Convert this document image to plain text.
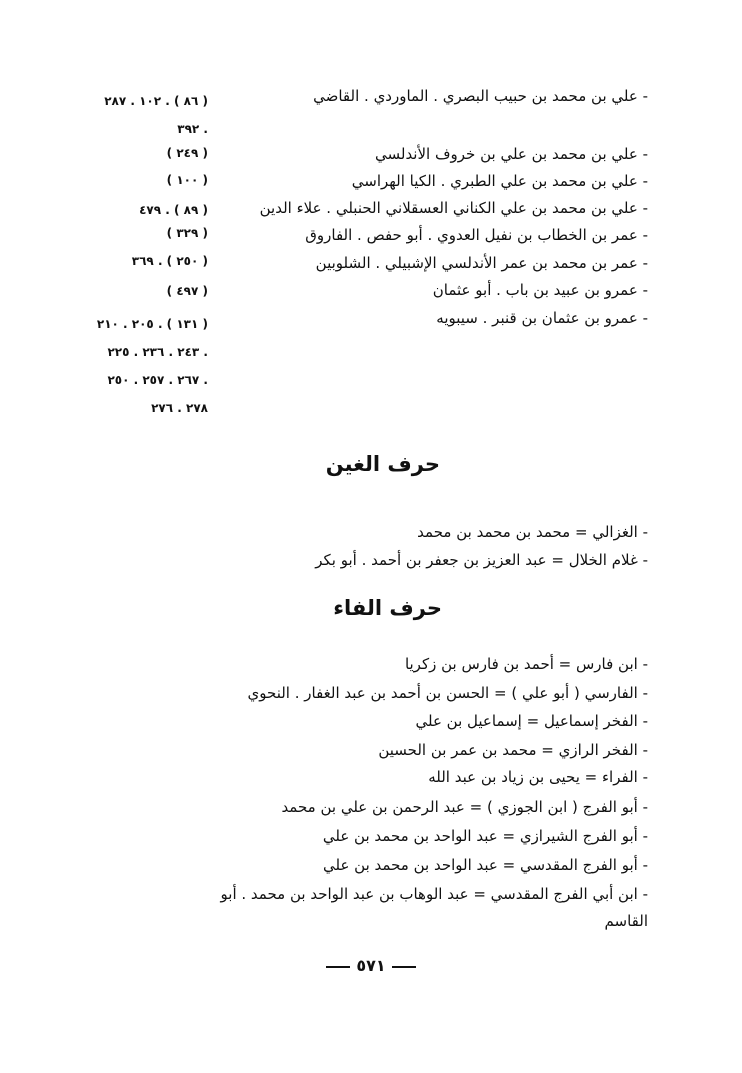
- علي بن محمد بن حبيب البصري . الماوردي . القاضي
( ٨٦ ) . ١٠٢ . ٢٨٧
. ٣٩٢
- علي بن محمد بن علي بن خروف الأندلسي
( ٢٤٩ )
- علي بن محمد بن علي الطبري . الكيا الهراسي
( ١٠٠ )
- علي بن محمد بن علي الكناني العسقلاني الحنبلي . علاء الدين
( ٨٩ ) . ٤٧٩
- عمر بن الخطاب بن نفيل العدوي . أبو حفص . الفاروق
( ٣٢٩ )
- عمر بن محمد بن عمر الأندلسي الإشبيلي . الشلوبين
( ٢٥٠ ) . ٣٦٩
- عمرو بن عبيد بن باب . أبو عثمان
( ٤٩٧ )
- عمرو بن عثمان بن قنبر . سيبويه
( ١٣١ ) . ٢٠٥ . ٢١٠
. ٢٤٣ . ٢٣٦ . ٢٢٥
. ٢٦٧ . ٢٥٧ . ٢٥٠
٢٧٨ . ٢٧٦
حرف الغين
- الغزالي = محمد بن محمد بن محمد
- غلام الخلال = عبد العزيز بن جعفر بن أحمد . أبو بكر
حرف الفاء
- ابن فارس = أحمد بن فارس بن زكريا
- الفارسي ( أبو علي ) = الحسن بن أحمد بن عبد الغفار . النحوي
- الفخر إسماعيل = إسماعيل بن علي
- الفخر الرازي = محمد بن عمر بن الحسين
- الفراء = يحيى بن زياد بن عبد الله
- أبو الفرج ( ابن الجوزي ) = عبد الرحمن بن علي بن محمد
- أبو الفرج الشيرازي = عبد الواحد بن محمد بن علي
- أبو الفرج المقدسي = عبد الواحد بن محمد بن علي
- ابن أبي الفرج المقدسي = عبد الوهاب بن عبد الواحد بن محمد . أبو
القاسم
٥٧١
